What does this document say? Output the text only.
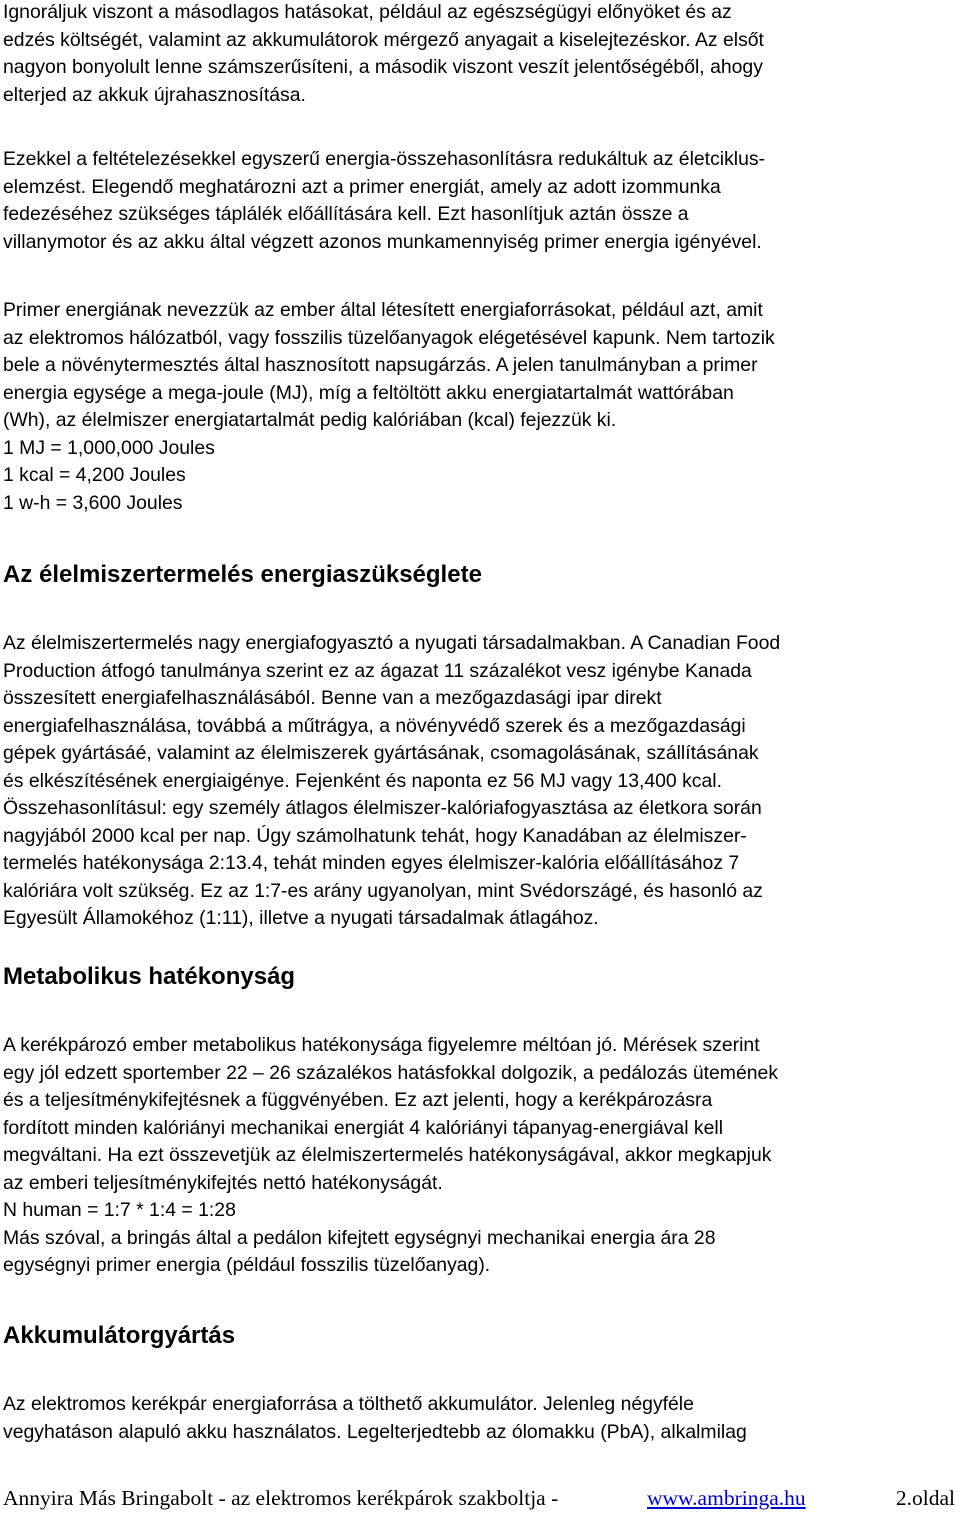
Ignoráljuk viszont a másodlagos hatásokat, például az egészségügyi előnyöket és az
edzés költségét, valamint az akkumulátorok mérgező anyagait a kiselejtezéskor. Az elsőt
nagyon bonyolult lenne számszerűsíteni, a második viszont veszít jelentőségéből, ahogy
elterjed az akkuk újrahasznosítása.

Ezekkel a feltételezésekkel egyszerű energia-összehasonlításra redukáltuk az életciklus-
elemzést. Elegendő meghatározni azt a primer energiát, amely az adott izommunka
fedezéséhez szükséges táplálék előállítására kell. Ezt hasonlítjuk aztán össze a
villanymotor és az akku által végzett azonos munkamennyiség primer energia igényével.

Primer energiának nevezzük az ember által létesített energiaforrásokat, például azt, amit
az elektromos hálózatból, vagy fosszilis tüzelőanyagok elégetésével kapunk. Nem tartozik
bele a növénytermesztés által hasznosított napsugárzás. A jelen tanulmányban a primer
energia egysége a mega-joule (MJ), míg a feltöltött akku energiatartalmát wattórában
(Wh), az élelmiszer energiatartalmát pedig kalóriában (kcal) fejezzük ki.
1 MJ = 1,000,000 Joules
1 kcal = 4,200 Joules
1 w-h = 3,600 Joules

Az élelmiszertermelés energiaszükséglete

Az élelmiszertermelés nagy energiafogyasztó a nyugati társadalmakban. A Canadian Food
Production átfogó tanulmánya szerint ez az ágazat 11 százalékot vesz igénybe Kanada
összesített energiafelhasználásából. Benne van a mezőgazdasági ipar direkt
energiafelhasználása, továbbá a műtrágya, a növényvédő szerek és a mezőgazdasági
gépek gyártásáé, valamint az élelmiszerek gyártásának, csomagolásának, szállításának
és elkészítésének energiaigénye. Fejenként és naponta ez 56 MJ vagy 13,400 kcal.
Összehasonlításul: egy személy átlagos élelmiszer-kalóriafogyasztása az életkora során
nagyjából 2000 kcal per nap. Úgy számolhatunk tehát, hogy Kanadában az élelmiszer-
termelés hatékonysága 2:13.4, tehát minden egyes élelmiszer-kalória előállításához 7
kalóriára volt szükség. Ez az 1:7-es arány ugyanolyan, mint Svédországé, és hasonló az
Egyesült Államokéhoz (1:11), illetve a nyugati társadalmak átlagához.

Metabolikus hatékonyság

A kerékpározó ember metabolikus hatékonysága figyelemre méltóan jó. Mérések szerint
egy jól edzett sportember 22 – 26 százalékos hatásfokkal dolgozik, a pedálozás ütemének
és a teljesítménykifejtésnek a függvényében. Ez azt jelenti, hogy a kerékpározásra
fordított minden kalóriányi mechanikai energiát 4 kalóriányi tápanyag-energiával kell
megváltani. Ha ezt összevetjük az élelmiszertermelés hatékonyságával, akkor megkapjuk
az emberi teljesítménykifejtés nettó hatékonyságát.
N human = 1:7 * 1:4 = 1:28
Más szóval, a bringás által a pedálon kifejtett egységnyi mechanikai energia ára 28
egységnyi primer energia (például fosszilis tüzelőanyag).

Akkumulátorgyártás

Az elektromos kerékpár energiaforrása a tölthető akkumulátor. Jelenleg négyféle
vegyhatáson alapuló akku használatos. Legelterjedtebb az ólomakku (PbA), alkalmilag

Annyira Más Bringabolt - az elektromos kerékpárok szakboltja -	www.ambringa.hu	2.oldal
